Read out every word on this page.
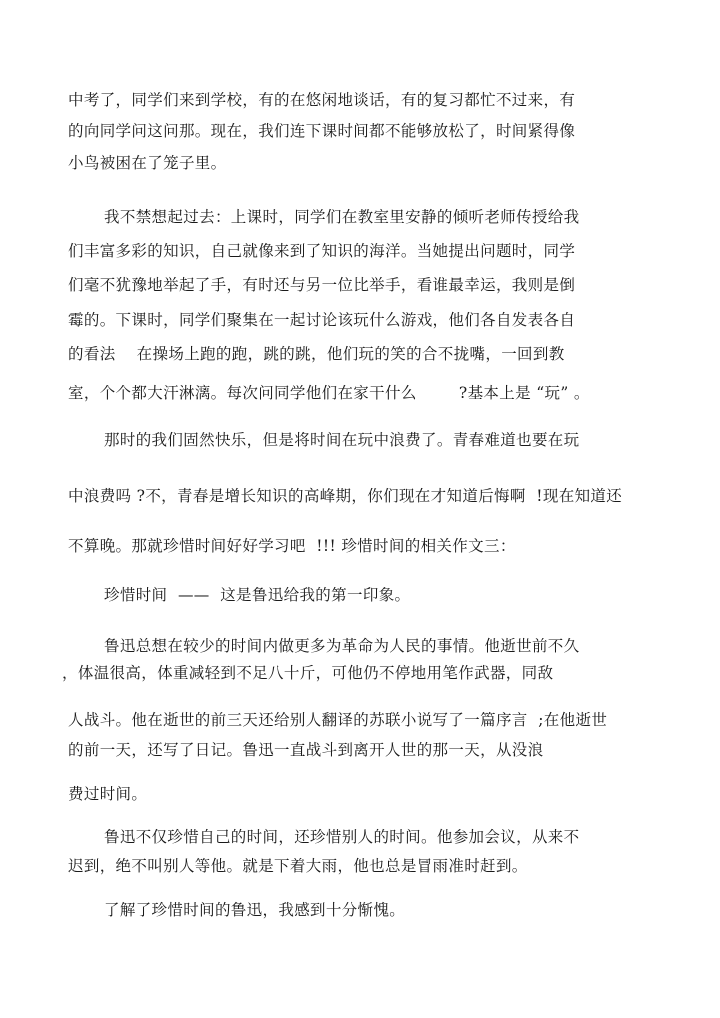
中考了，同学们来到学校，有的在悠闲地谈话，有的复习都忙不过来，有
的向同学问这问那。现在，我们连下课时间都不能够放松了，时间紧得像
小鸟被困在了笼子里。
我不禁想起过去：上课时，同学们在教室里安静的倾听老师传授给我
们丰富多彩的知识，自己就像来到了知识的海洋。当她提出问题时，同学
们毫不犹豫地举起了手，有时还与另一位比举手，看谁最幸运，我则是倒
霉的。下课时，同学们聚集在一起讨论该玩什么游戏，他们各自发表各自
的看法    在操场上跑的跑，跳的跳，他们玩的笑的合不拢嘴，一回到教
室，个个都大汗淋漓。每次问同学他们在家干什么        ?基本上是 “玩” 。
那时的我们固然快乐，但是将时间在玩中浪费了。青春难道也要在玩
中浪费吗 ?不，青春是增长知识的高峰期，你们现在才知道后悔啊  !现在知道还
不算晚。那就珍惜时间好好学习吧  !!! 珍惜时间的相关作文三：
珍惜时间  ——  这是鲁迅给我的第一印象。
鲁迅总想在较少的时间内做更多为革命为人民的事情。他逝世前不久
，体温很高，体重减轻到不足八十斤，可他仍不停地用笔作武器，同敌
人战斗。他在逝世的前三天还给别人翻译的苏联小说写了一篇序言  ;在他逝世
的前一天，还写了日记。鲁迅一直战斗到离开人世的那一天，从没浪
费过时间。
鲁迅不仅珍惜自己的时间，还珍惜别人的时间。他参加会议，从来不
迟到，绝不叫别人等他。就是下着大雨，他也总是冒雨准时赶到。
了解了珍惜时间的鲁迅，我感到十分惭愧。
